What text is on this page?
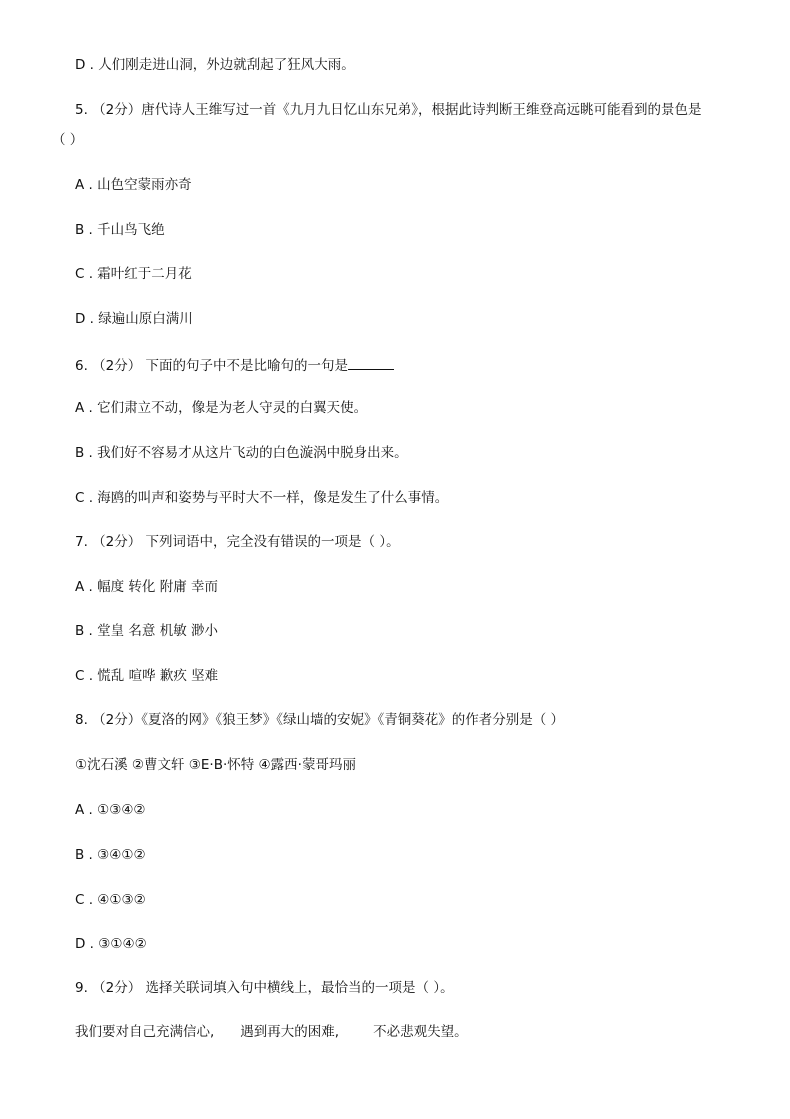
D . 人们刚走进山洞，外边就刮起了狂风大雨。
5. （2分）唐代诗人王维写过一首《九月九日忆山东兄弟》，根据此诗判断王维登高远眺可能看到的景色是
（ ）
A . 山色空蒙雨亦奇
B . 千山鸟飞绝
C . 霜叶红于二月花
D . 绿遍山原白满川
6. （2分） 下面的句子中不是比喻句的一句是
A . 它们肃立不动，像是为老人守灵的白翼天使。
B . 我们好不容易才从这片飞动的白色漩涡中脱身出来。
C . 海鸥的叫声和姿势与平时大不一样，像是发生了什么事情。
7. （2分） 下列词语中，完全没有错误的一项是（ ）。
A . 幅度 转化 附庸 幸而
B . 堂皇 名意 机敏 渺小
C . 慌乱 喧哗 歉疚 坚难
8. （2分）《夏洛的网》《狼王梦》《绿山墙的安妮》《青铜葵花》的作者分别是（ ）
①沈石溪 ②曹文轩 ③E·B·怀特 ④露西·蒙哥玛丽
A . ①③④②
B . ③④①②
C . ④①③②
D . ③①④②
9. （2分） 选择关联词填入句中横线上，最恰当的一项是（ ）。
我们要对自己充满信心, 遇到再大的困难,	不必悲观失望。
